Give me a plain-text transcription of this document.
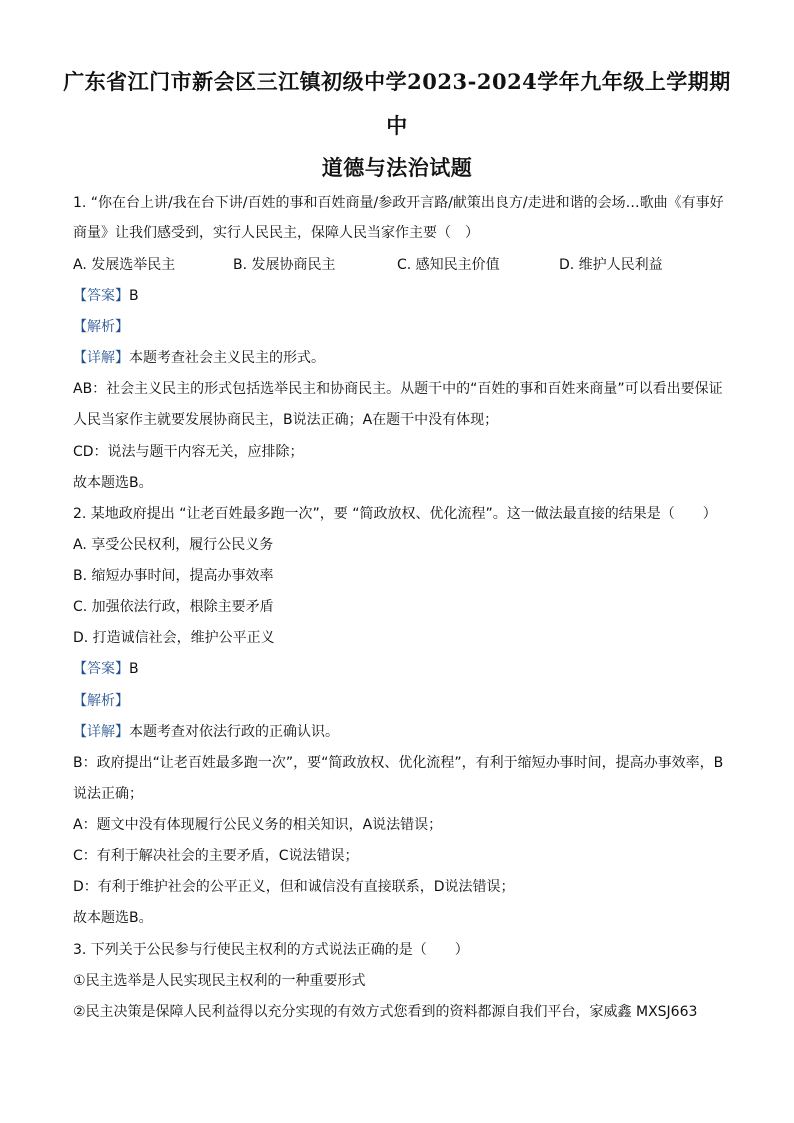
广东省江门市新会区三江镇初级中学2023-2024学年九年级上学期期
中
道德与法治试题
1. “你在台上讲/我在台下讲/百姓的事和百姓商量/参政开言路/献策出良方/走进和谐的会场…歌曲《有事好
商量》让我们感受到，实行人民民主，保障人民当家作主要（　）
A. 发展选举民主	B. 发展协商民主	C. 感知民主价值	D. 维护人民利益
【答案】B
【解析】
【详解】本题考查社会主义民主的形式。
AB：社会主义民主的形式包括选举民主和协商民主。从题干中的“百姓的事和百姓来商量”可以看出要保证
人民当家作主就要发展协商民主，B说法正确；A在题干中没有体现；
CD：说法与题干内容无关，应排除；
故本题选B。
2. 某地政府提出 “让老百姓最多跑一次”，要 “简政放权、优化流程”。这一做法最直接的结果是（　　）
A. 享受公民权利，履行公民义务
B. 缩短办事时间，提高办事效率
C. 加强依法行政，根除主要矛盾
D. 打造诚信社会，维护公平正义
【答案】B
【解析】
【详解】本题考查对依法行政的正确认识。
B：政府提出“让老百姓最多跑一次”，要“简政放权、优化流程”，有利于缩短办事时间，提高办事效率，B
说法正确；
A：题文中没有体现履行公民义务的相关知识，A说法错误；
C：有利于解决社会的主要矛盾，C说法错误；
D：有利于维护社会的公平正义，但和诚信没有直接联系，D说法错误；
故本题选B。
3. 下列关于公民参与行使民主权利的方式说法正确的是（　　）
①民主选举是人民实现民主权利的一种重要形式
②民主决策是保障人民利益得以充分实现的有效方式您看到的资料都源自我们平台，家威鑫 MXSJ663
